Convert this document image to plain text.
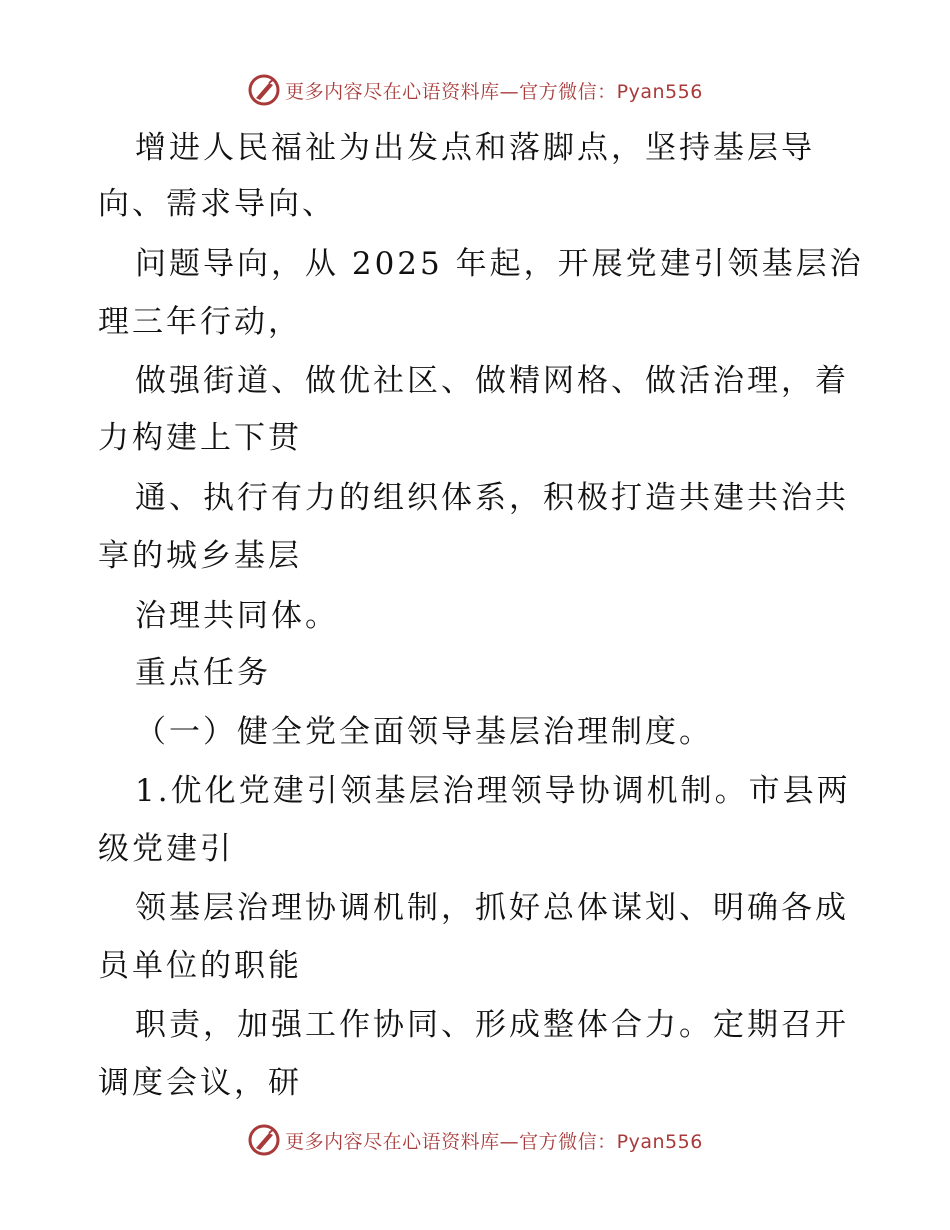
更多内容尽在心语资料库—官方微信：Pyan556
增进人民福祉为出发点和落脚点，坚持基层导
向、需求导向、
问题导向，从 2025 年起，开展党建引领基层治
理三年行动，
做强街道、做优社区、做精网格、做活治理，着
力构建上下贯
通、执行有力的组织体系，积极打造共建共治共
享的城乡基层
治理共同体。
重点任务
（一）健全党全面领导基层治理制度。
1.优化党建引领基层治理领导协调机制。市县两
级党建引
领基层治理协调机制，抓好总体谋划、明确各成
员单位的职能
职责，加强工作协同、形成整体合力。定期召开
调度会议，研
更多内容尽在心语资料库—官方微信：Pyan556
